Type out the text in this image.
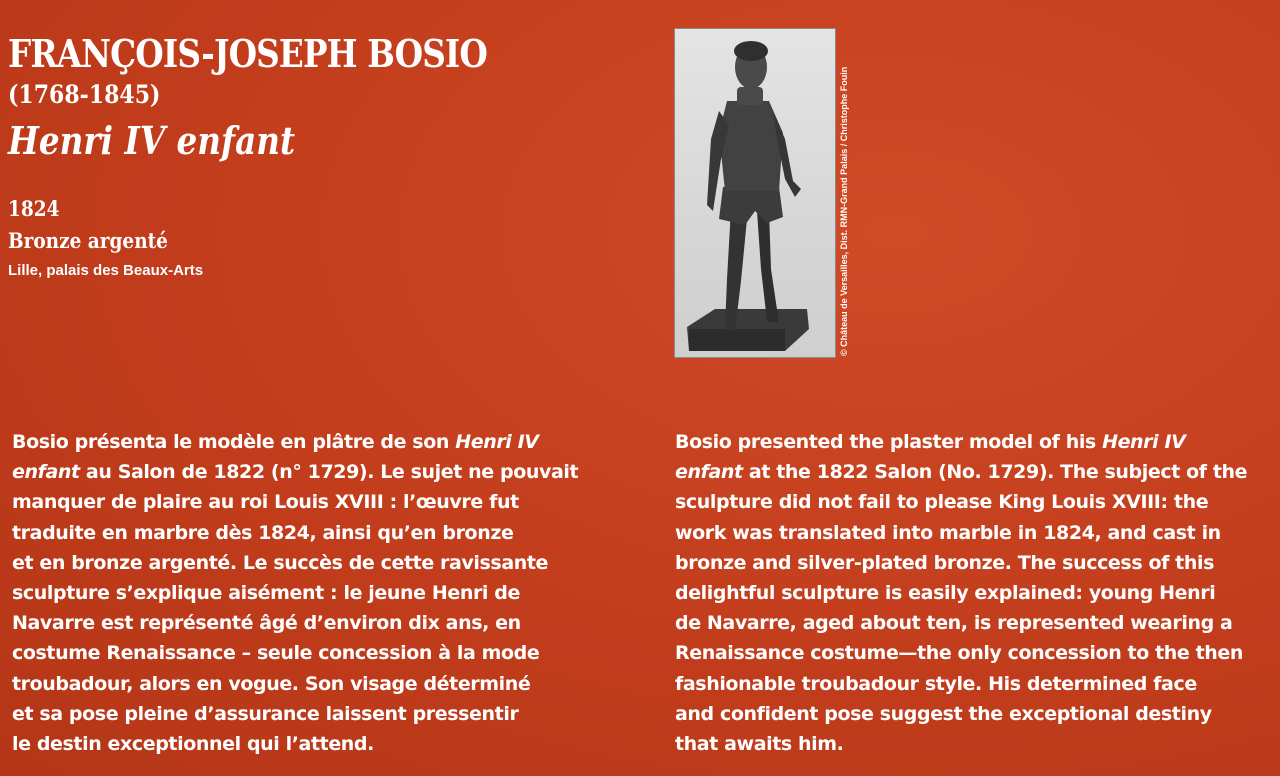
FRANÇOIS-JOSEPH BOSIO
(1768-1845)
Henri IV enfant
1824
Bronze argenté
Lille, palais des Beaux-Arts	© Château de Versailles, Dist. RMN-Grand Palais / Christophe Fouin
Bosio présenta le modèle en plâtre de son Henri IV
enfant au Salon de 1822 (n° 1729). Le sujet ne pouvait
manquer de plaire au roi Louis XVIII : l’œuvre fut
traduite en marbre dès 1824, ainsi qu’en bronze
et en bronze argenté. Le succès de cette ravissante
sculpture s’explique aisément : le jeune Henri de
Navarre est représenté âgé d’environ dix ans, en
costume Renaissance – seule concession à la mode
troubadour, alors en vogue. Son visage déterminé
et sa pose pleine d’assurance laissent pressentir
le destin exceptionnel qui l’attend.
Bosio presented the plaster model of his Henri IV
enfant at the 1822 Salon (No. 1729). The subject of the
sculpture did not fail to please King Louis XVIII: the
work was translated into marble in 1824, and cast in
bronze and silver-plated bronze. The success of this
delightful sculpture is easily explained: young Henri
de Navarre, aged about ten, is represented wearing a
Renaissance costume—the only concession to the then
fashionable troubadour style. His determined face
and confident pose suggest the exceptional destiny
that awaits him.
